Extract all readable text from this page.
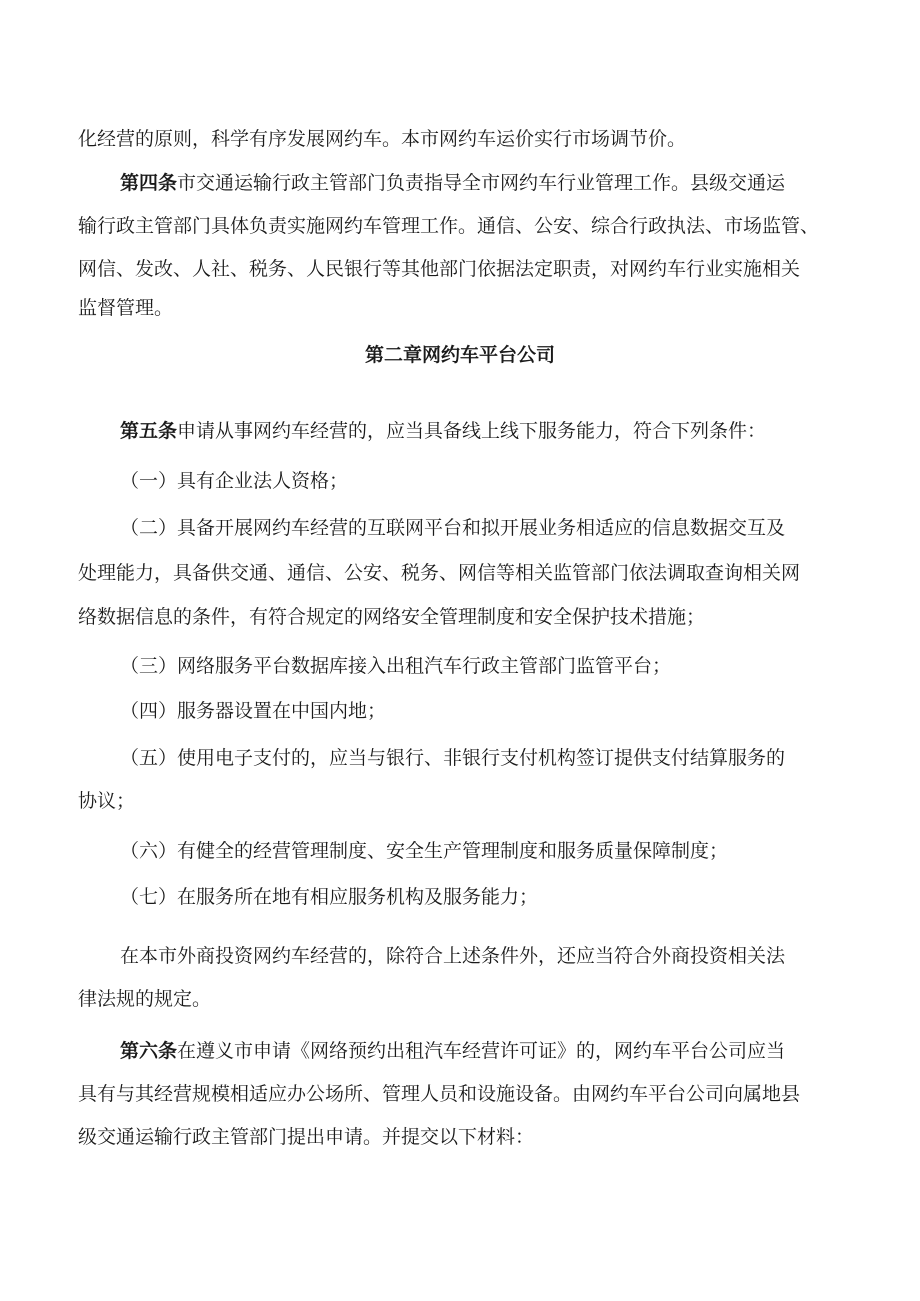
化经营的原则，科学有序发展网约车。本市网约车运价实行市场调节价。

第四条市交通运输行政主管部门负责指导全市网约车行业管理工作。县级交通运
输行政主管部门具体负责实施网约车管理工作。通信、公安、综合行政执法、市场监管、
网信、发改、人社、税务、人民银行等其他部门依据法定职责，对网约车行业实施相关
监督管理。

第二章网约车平台公司

第五条申请从事网约车经营的，应当具备线上线下服务能力，符合下列条件：

（一）具有企业法人资格；

（二）具备开展网约车经营的互联网平台和拟开展业务相适应的信息数据交互及
处理能力，具备供交通、通信、公安、税务、网信等相关监管部门依法调取查询相关网
络数据信息的条件，有符合规定的网络安全管理制度和安全保护技术措施；

（三）网络服务平台数据库接入出租汽车行政主管部门监管平台；

（四）服务器设置在中国内地；

（五）使用电子支付的，应当与银行、非银行支付机构签订提供支付结算服务的
协议；

（六）有健全的经营管理制度、安全生产管理制度和服务质量保障制度；

（七）在服务所在地有相应服务机构及服务能力；

在本市外商投资网约车经营的，除符合上述条件外，还应当符合外商投资相关法
律法规的规定。

第六条在遵义市申请《网络预约出租汽车经营许可证》的，网约车平台公司应当
具有与其经营规模相适应办公场所、管理人员和设施设备。由网约车平台公司向属地县
级交通运输行政主管部门提出申请。并提交以下材料：
